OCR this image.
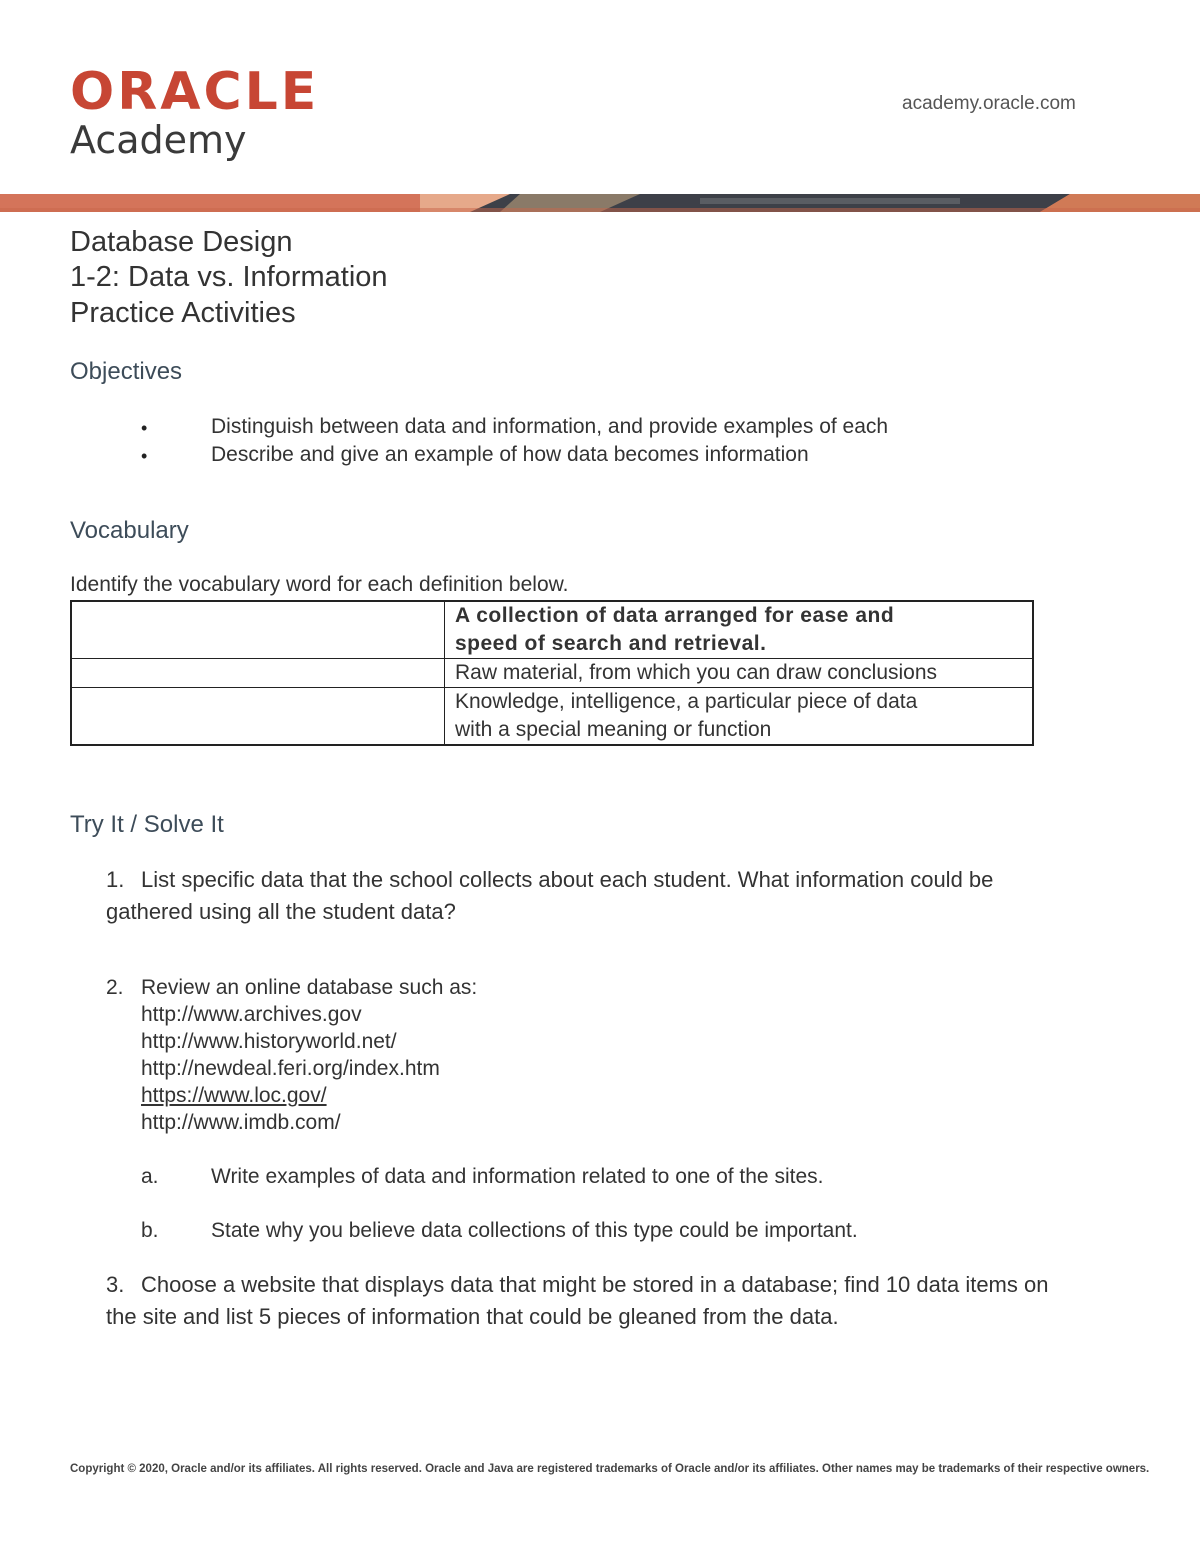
ORACLE
Academy
academy.oracle.com
Database Design
1-2: Data vs. Information
Practice Activities
Objectives
•	Distinguish between data and information, and provide examples of each
•	Describe and give an example of how data becomes information
Vocabulary
Identify the vocabulary word for each definition below.

	A collection of data arranged for ease and
speed of search and retrieval.

	Raw material, from which you can draw conclusions

	Knowledge, intelligence, a particular piece of data
with a special meaning or function
Try It / Solve It
1. List specific data that the school collects about each student. What information could be
gathered using all the student data?
2. Review an online database such as:
http://www.archives.gov
http://www.historyworld.net/
http://newdeal.feri.org/index.htm
https://www.loc.gov/
http://www.imdb.com/
a. Write examples of data and information related to one of the sites.
b. State why you believe data collections of this type could be important.
3. Choose a website that displays data that might be stored in a database; find 10 data items on
the site and list 5 pieces of information that could be gleaned from the data.
Copyright © 2020, Oracle and/or its affiliates. All rights reserved. Oracle and Java are registered trademarks of Oracle and/or its affiliates. Other names may be trademarks of their respective owners.
